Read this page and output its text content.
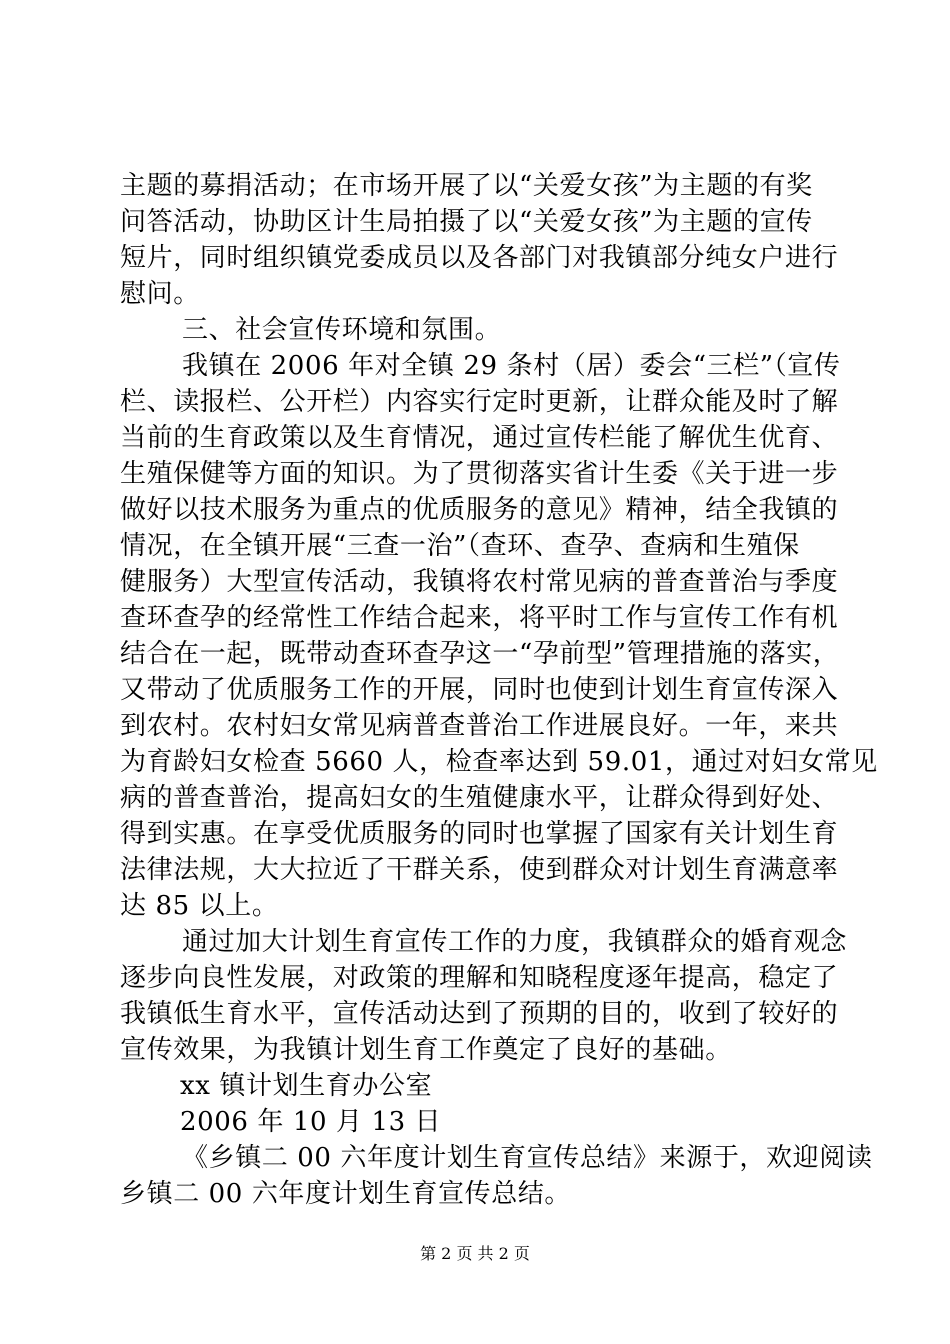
主题的募捐活动；在市场开展了以“关爱女孩”为主题的有奖
问答活动，协助区计生局拍摄了以“关爱女孩”为主题的宣传
短片，同时组织镇党委成员以及各部门对我镇部分纯女户进行
慰问。
三、社会宣传环境和氛围。
我镇在 2006 年对全镇 29 条村（居）委会“三栏”（宣传
栏、读报栏、公开栏）内容实行定时更新，让群众能及时了解
当前的生育政策以及生育情况，通过宣传栏能了解优生优育、
生殖保健等方面的知识。为了贯彻落实省计生委《关于进一步
做好以技术服务为重点的优质服务的意见》精神，结全我镇的
情况，在全镇开展“三查一治”（查环、查孕、查病和生殖保
健服务）大型宣传活动，我镇将农村常见病的普查普治与季度
查环查孕的经常性工作结合起来，将平时工作与宣传工作有机
结合在一起，既带动查环查孕这一“孕前型”管理措施的落实，
又带动了优质服务工作的开展，同时也使到计划生育宣传深入
到农村。农村妇女常见病普查普治工作进展良好。一年，来共
为育龄妇女检查 5660 人，检查率达到 59.01，通过对妇女常见
病的普查普治，提高妇女的生殖健康水平，让群众得到好处、
得到实惠。在享受优质服务的同时也掌握了国家有关计划生育
法律法规，大大拉近了干群关系，使到群众对计划生育满意率
达 85 以上。
通过加大计划生育宣传工作的力度，我镇群众的婚育观念
逐步向良性发展，对政策的理解和知晓程度逐年提高，稳定了
我镇低生育水平，宣传活动达到了预期的目的，收到了较好的
宣传效果，为我镇计划生育工作奠定了良好的基础。
xx 镇计划生育办公室
2006 年 10 月 13 日
《乡镇二 00 六年度计划生育宣传总结》来源于，欢迎阅读
乡镇二 00 六年度计划生育宣传总结。
第 2 页 共 2 页
